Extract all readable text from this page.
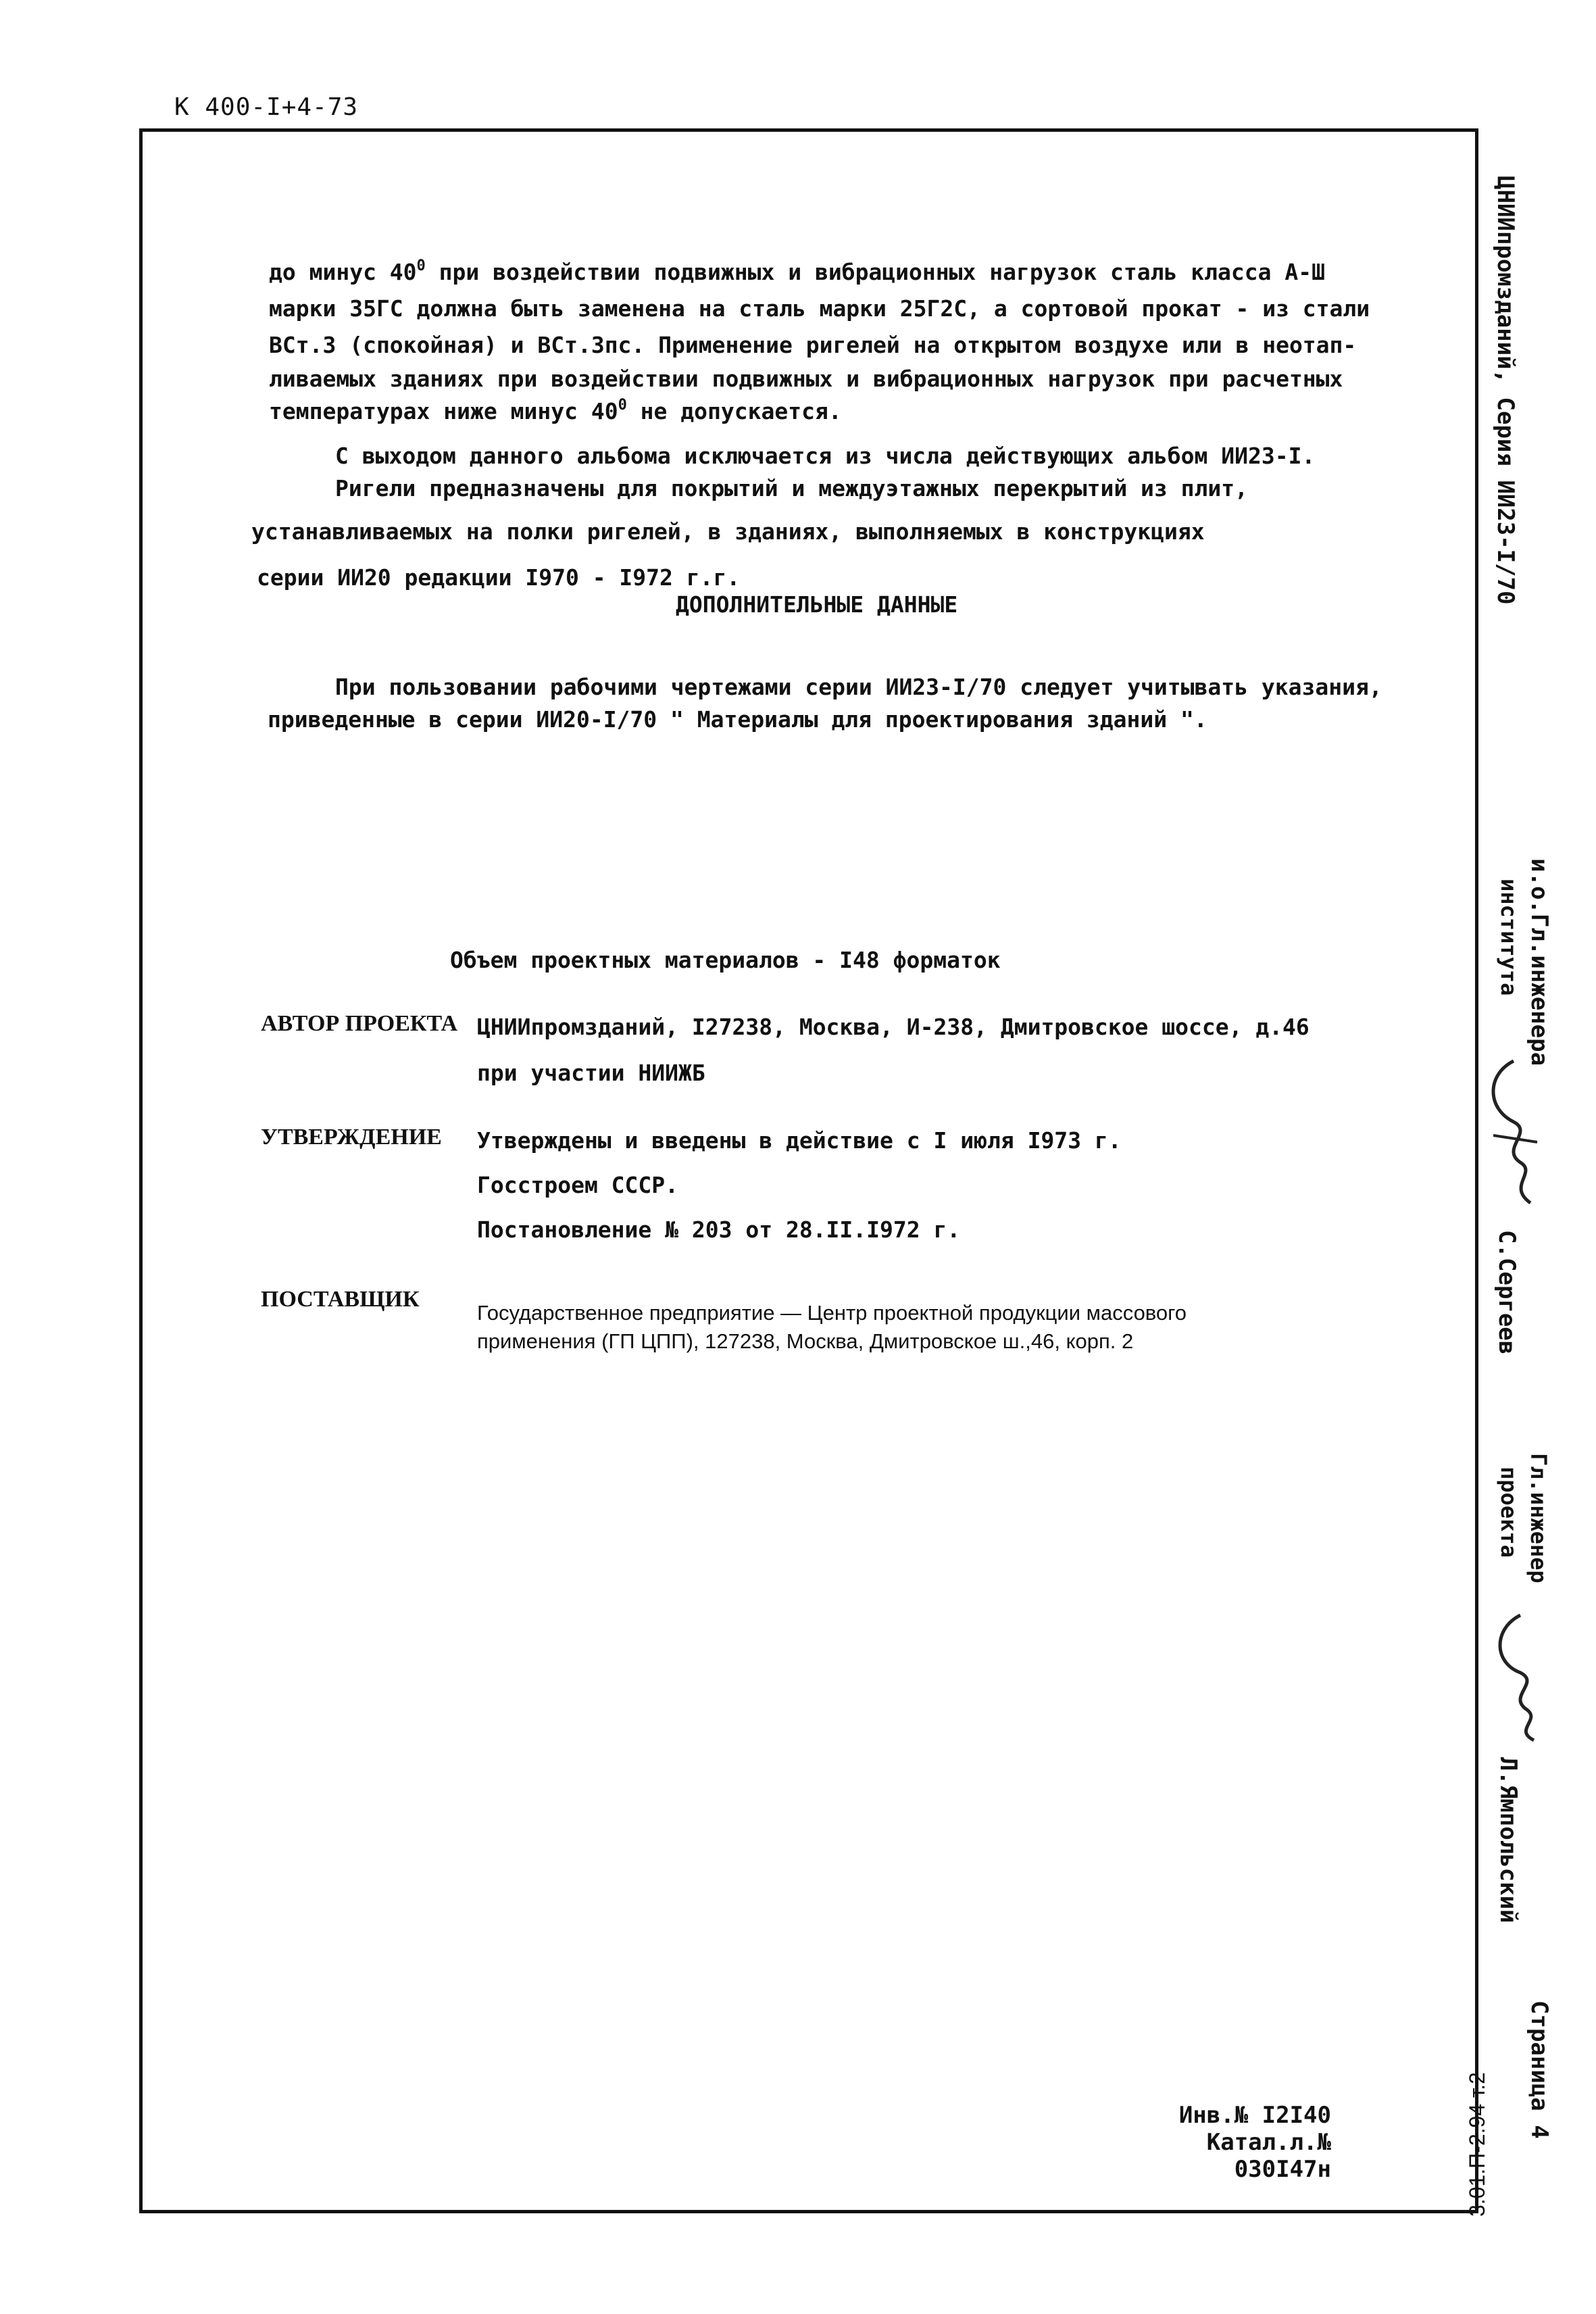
К 400-I+4-73
до минус $40^0$ при воздействии подвижных и вибрационных нагрузок сталь класса А-Ш
марки 35ГС должна быть заменена на сталь марки 25Г2С, а сортовой прокат - из стали
ВСт.3 (спокойная) и ВСт.3пс. Применение ригелей на открытом воздухе или в неотап-
ливаемых зданиях при воздействии подвижных и вибрационных нагрузок при расчетных
температурах ниже минус $40^0$ не допускается.
С выходом данного альбома исключается из числа действующих альбом ИИ23-I.
Ригели предназначены для покрытий и междуэтажных перекрытий из плит,
устанавливаемых на полки ригелей, в зданиях, выполняемых в конструкциях
серии ИИ20 редакции I970 - I972 г.г.
ДОПОЛНИТЕЛЬНЫЕ ДАННЫЕ
При пользовании рабочими чертежами серии ИИ23-I/70 следует учитывать указания,
приведенные в серии ИИ20-I/70 " Материалы для проектирования зданий ".
Объем проектных материалов - I48 форматок
АВТОР ПРОЕКТА ЦНИИпромзданий, I27238, Москва, И-238, Дмитровское шоссе, д.46
при участии НИИЖБ
УТВЕРЖДЕНИЕ Утверждены и введены в действие с I июля I973 г.
Госстроем СССР.
Постановление № 203 от 28.II.I972 г.
ПОСТАВЩИК
Государственное предприятие — Центр проектной продукции массового
применения (ГП ЦПП), 127238, Москва, Дмитровское ш.,46, корп. 2
Инв.№ I2I40
Катал.л.№ 030I47н
ЦНИИпромзданий, Серия ИИ23-I/70
и.о.Гл.инженера
института
С.Сергеев
Гл.инженер
проекта
Л.Ямпольский
Страница 4
3.01.П-2.94 т.2
